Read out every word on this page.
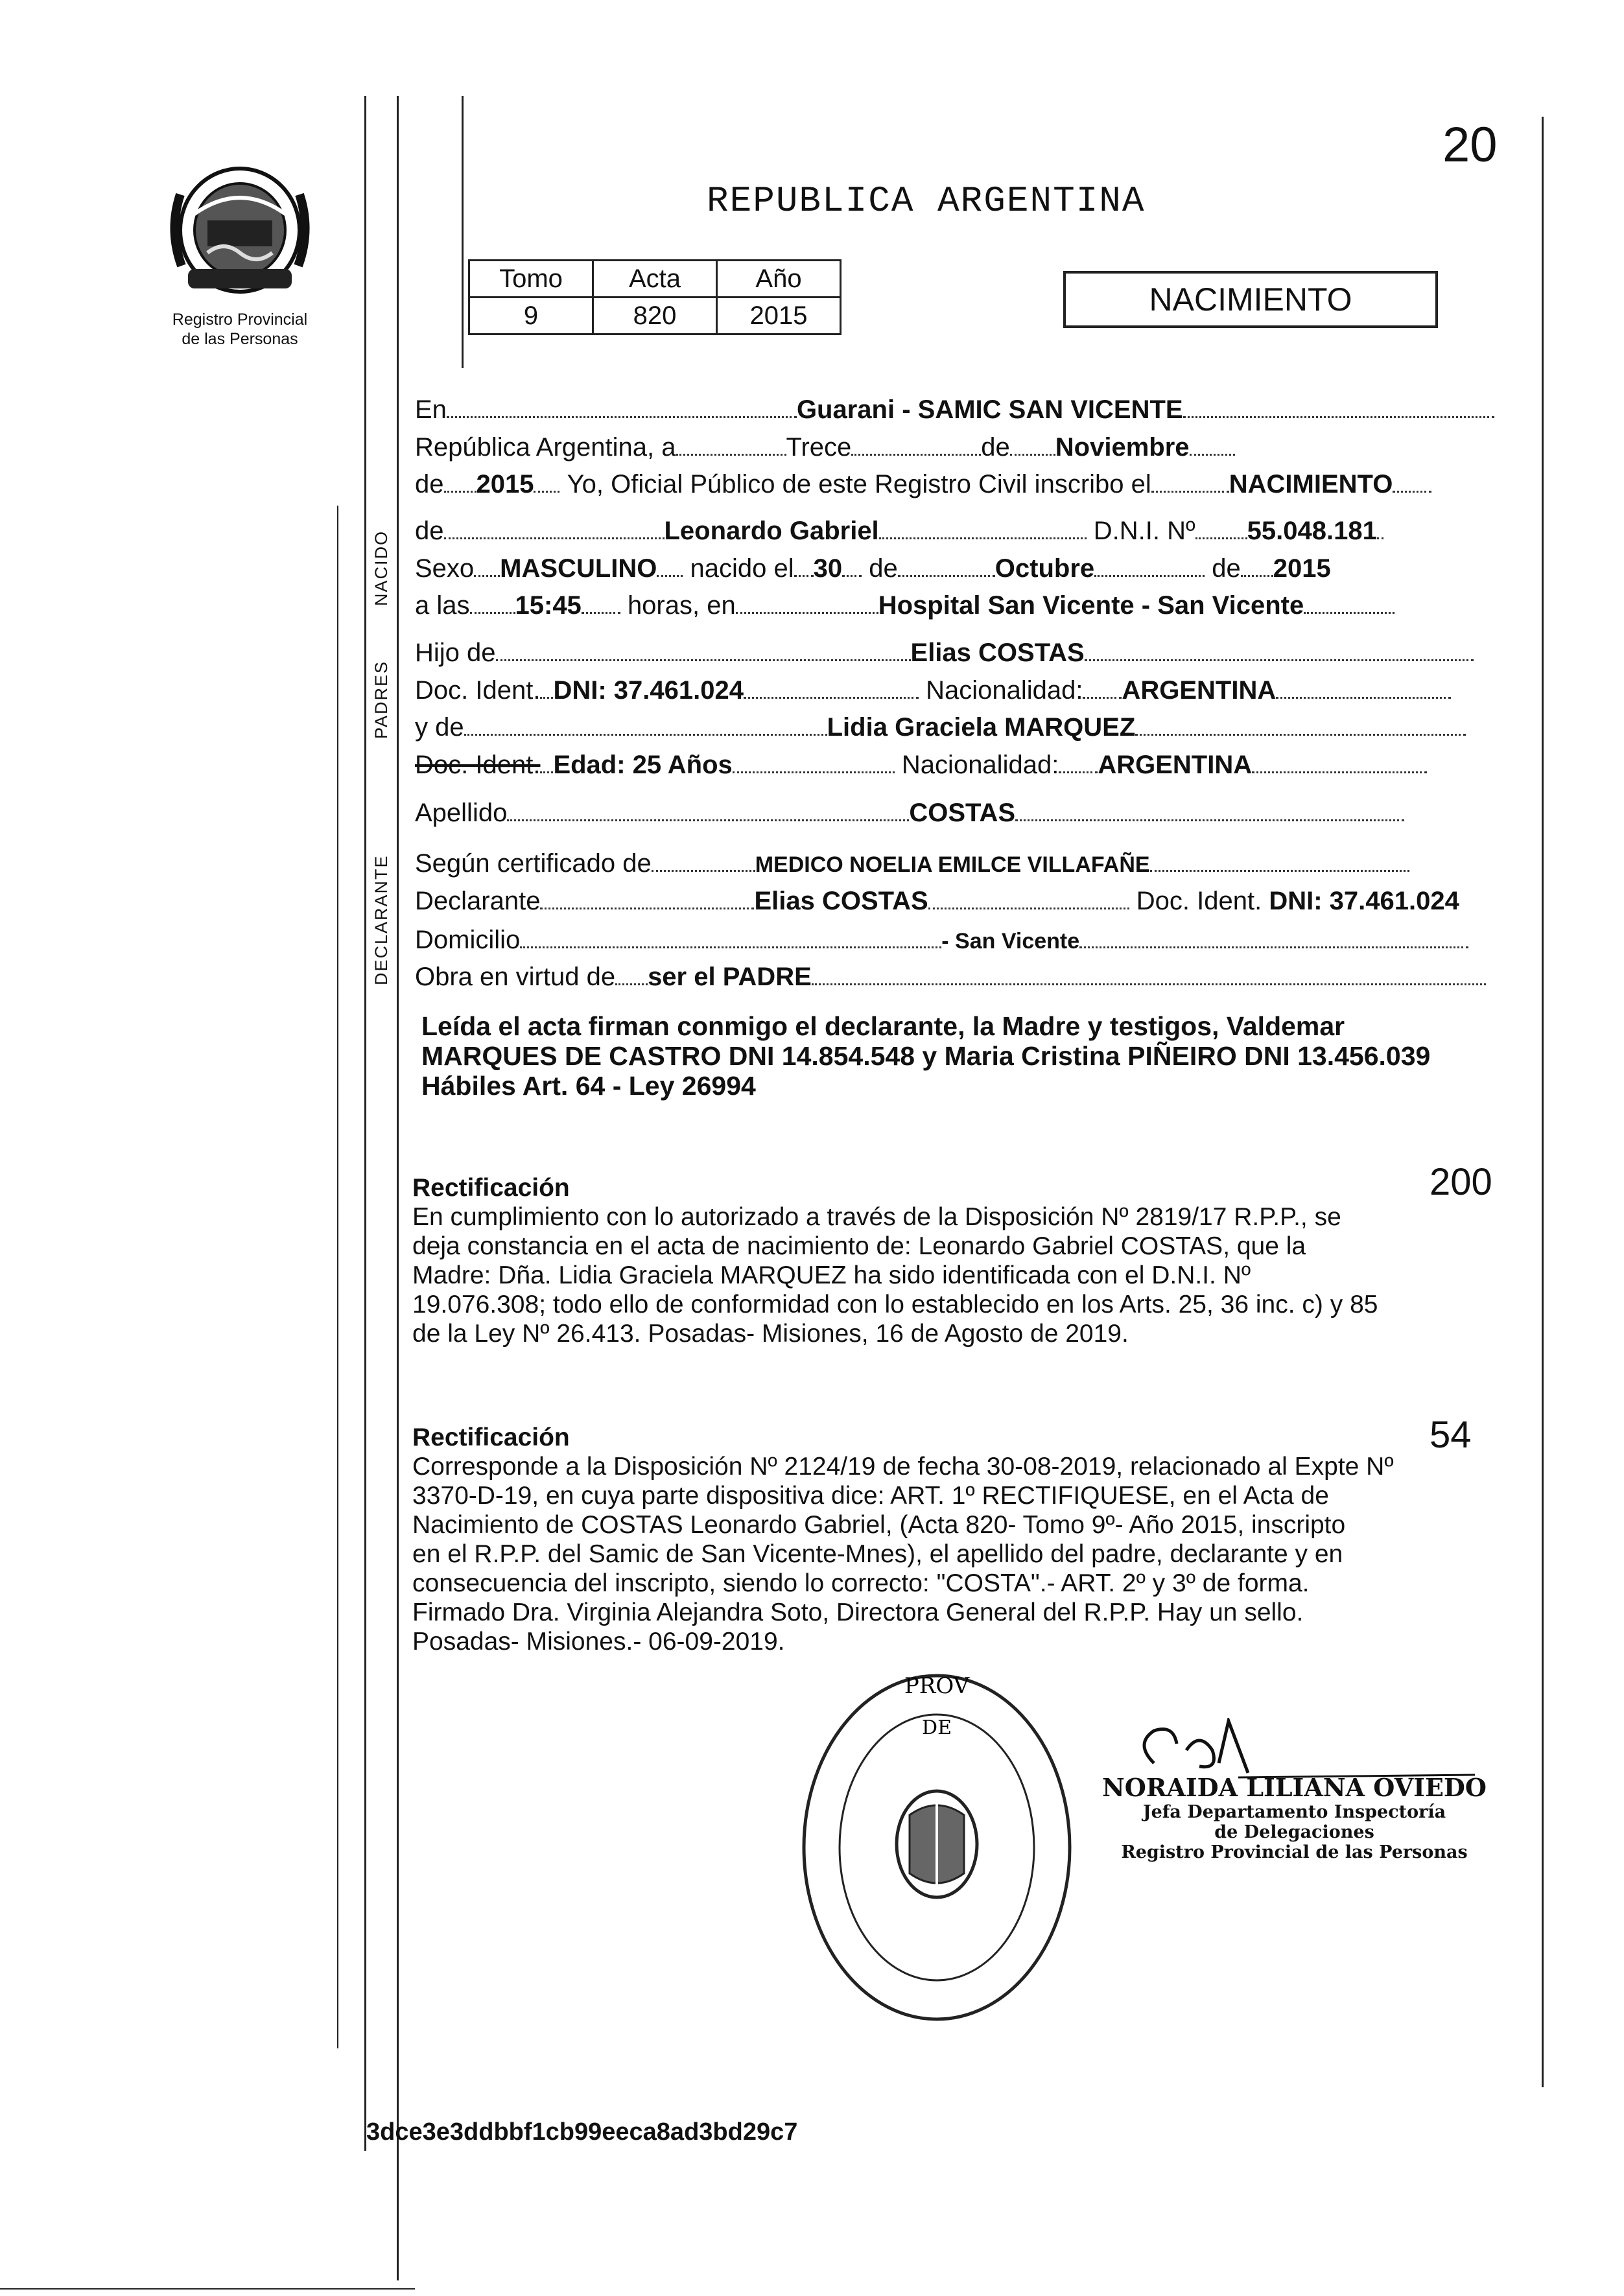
20
REPUBLICA ARGENTINA
Registro Provincial
de las Personas
Tomo	Acta	Año
9	820	2015	NACIMIENTO
NACIDO
PADRES
DECLARANTE
En	Guarani - SAMIC SAN VICENTE
República Argentina, a	Trece	de Noviembre
de 2015 Yo, Oficial Público de este Registro Civil inscribo el	NACIMIENTO
de	Leonardo Gabriel	D.N.I. Nº 55.048.181
Sexo MASCULINO nacido el 30 de	Octubre	de 2015
a las 15:45 horas, en	Hospital San Vicente - San Vicente
Hijo de	Elias COSTAS
Doc. Ident. DNI: 37.461.024	Nacionalidad: ARGENTINA
y de	Lidia Graciela MARQUEZ
Doc. Ident. Edad: 25 Años	Nacionalidad: ARGENTINA
Apellido	COSTAS
Según certificado de	MEDICO NOELIA EMILCE VILLAFAÑE
Declarante	Elias COSTAS	Doc. Ident. DNI: 37.461.024
Domicilio	- San Vicente
Obra en virtud de ser el PADRE
Leída el acta firman conmigo el declarante, la Madre y testigos, Valdemar
MARQUES DE CASTRO DNI 14.854.548 y Maria Cristina PIÑEIRO DNI 13.456.039
Hábiles Art. 64 - Ley 26994
Rectificación
En cumplimiento con lo autorizado a través de la Disposición Nº 2819/17 R.P.P., se
deja constancia en el acta de nacimiento de: Leonardo Gabriel COSTAS, que la
Madre: Dña. Lidia Graciela MARQUEZ ha sido identificada con el D.N.I. Nº
19.076.308; todo ello de conformidad con lo establecido en los Arts. 25, 36 inc. c) y 85
de la Ley Nº 26.413. Posadas- Misiones, 16 de Agosto de 2019.
200
Rectificación
Corresponde a la Disposición Nº 2124/19 de fecha 30-08-2019, relacionado al Expte Nº
3370-D-19, en cuya parte dispositiva dice: ART. 1º RECTIFIQUESE, en el Acta de
Nacimiento de COSTAS Leonardo Gabriel, (Acta 820- Tomo 9º- Año 2015, inscripto
en el R.P.P. del Samic de San Vicente-Mnes), el apellido del padre, declarante y en
consecuencia del inscripto, siendo lo correcto: "COSTA".- ART. 2º y 3º de forma.
Firmado Dra. Virginia Alejandra Soto, Directora General del R.P.P. Hay un sello.
Posadas- Misiones.- 06-09-2019.
54
PROV
DE
NORAIDA LILIANA OVIEDO
Jefa Departamento Inspectoría
de Delegaciones
Registro Provincial de las Personas
3dce3e3ddbbf1cb99eeca8ad3bd29c7
